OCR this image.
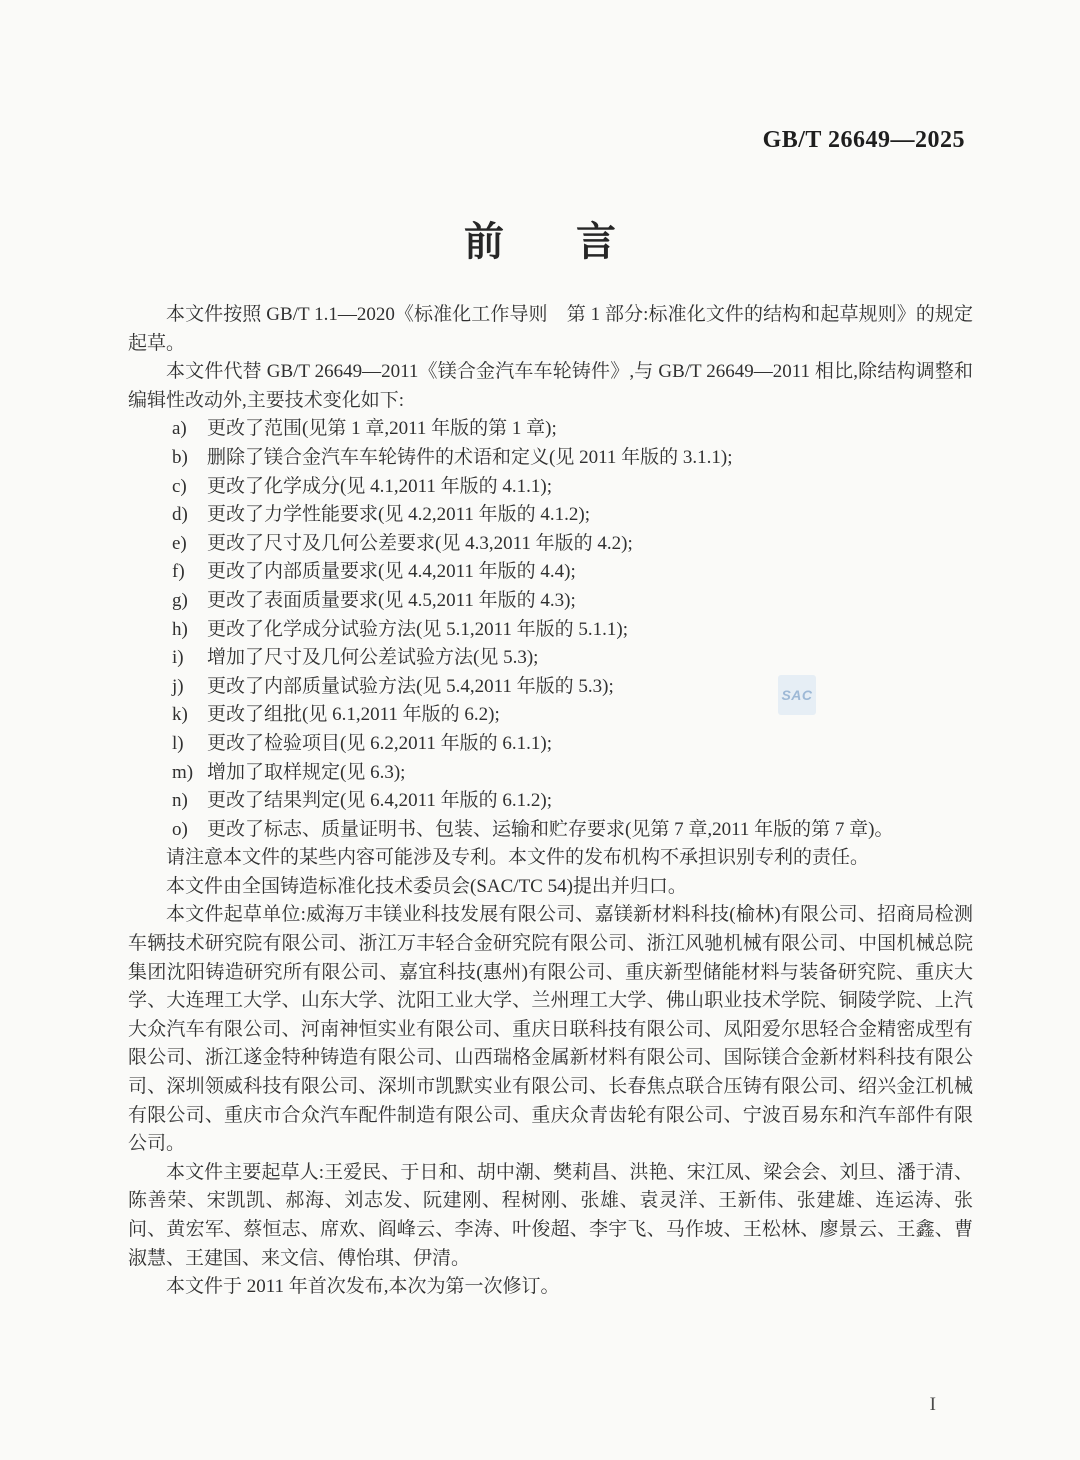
GB/T 26649—2025
前 言

本文件按照 GB/T 1.1—2020《标准化工作导则　第 1 部分:标准化文件的结构和起草规则》的规定起草。

本文件代替 GB/T 26649—2011《镁合金汽车车轮铸件》,与 GB/T 26649—2011 相比,除结构调整和编辑性改动外,主要技术变化如下:

a) 更改了范围(见第 1 章,2011 年版的第 1 章);
b) 删除了镁合金汽车车轮铸件的术语和定义(见 2011 年版的 3.1.1);
c) 更改了化学成分(见 4.1,2011 年版的 4.1.1);
d) 更改了力学性能要求(见 4.2,2011 年版的 4.1.2);
e) 更改了尺寸及几何公差要求(见 4.3,2011 年版的 4.2);
f) 更改了内部质量要求(见 4.4,2011 年版的 4.4);
g) 更改了表面质量要求(见 4.5,2011 年版的 4.3);
h) 更改了化学成分试验方法(见 5.1,2011 年版的 5.1.1);
i) 增加了尺寸及几何公差试验方法(见 5.3);
j) 更改了内部质量试验方法(见 5.4,2011 年版的 5.3);
k) 更改了组批(见 6.1,2011 年版的 6.2);
l) 更改了检验项目(见 6.2,2011 年版的 6.1.1);
m) 增加了取样规定(见 6.3);
n) 更改了结果判定(见 6.4,2011 年版的 6.1.2);
o) 更改了标志、质量证明书、包装、运输和贮存要求(见第 7 章,2011 年版的第 7 章)。

请注意本文件的某些内容可能涉及专利。本文件的发布机构不承担识别专利的责任。

本文件由全国铸造标准化技术委员会(SAC/TC 54)提出并归口。

本文件起草单位:威海万丰镁业科技发展有限公司、嘉镁新材料科技(榆林)有限公司、招商局检测车辆技术研究院有限公司、浙江万丰轻合金研究院有限公司、浙江风驰机械有限公司、中国机械总院集团沈阳铸造研究所有限公司、嘉宜科技(惠州)有限公司、重庆新型储能材料与装备研究院、重庆大学、大连理工大学、山东大学、沈阳工业大学、兰州理工大学、佛山职业技术学院、铜陵学院、上汽大众汽车有限公司、河南神恒实业有限公司、重庆日联科技有限公司、凤阳爱尔思轻合金精密成型有限公司、浙江遂金特种铸造有限公司、山西瑞格金属新材料有限公司、国际镁合金新材料科技有限公司、深圳领威科技有限公司、深圳市凯默实业有限公司、长春焦点联合压铸有限公司、绍兴金江机械有限公司、重庆市合众汽车配件制造有限公司、重庆众青齿轮有限公司、宁波百易东和汽车部件有限公司。

本文件主要起草人:王爱民、于日和、胡中潮、樊莉昌、洪艳、宋江凤、梁会会、刘旦、潘于清、陈善荣、宋凯凯、郝海、刘志发、阮建刚、程树刚、张雄、袁灵洋、王新伟、张建雄、连运涛、张问、黄宏军、蔡恒志、席欢、阎峰云、李涛、叶俊超、李宇飞、马作坡、王松林、廖景云、王鑫、曹淑慧、王建国、来文信、傅怡琪、伊清。

本文件于 2011 年首次发布,本次为第一次修订。

SAC
I
